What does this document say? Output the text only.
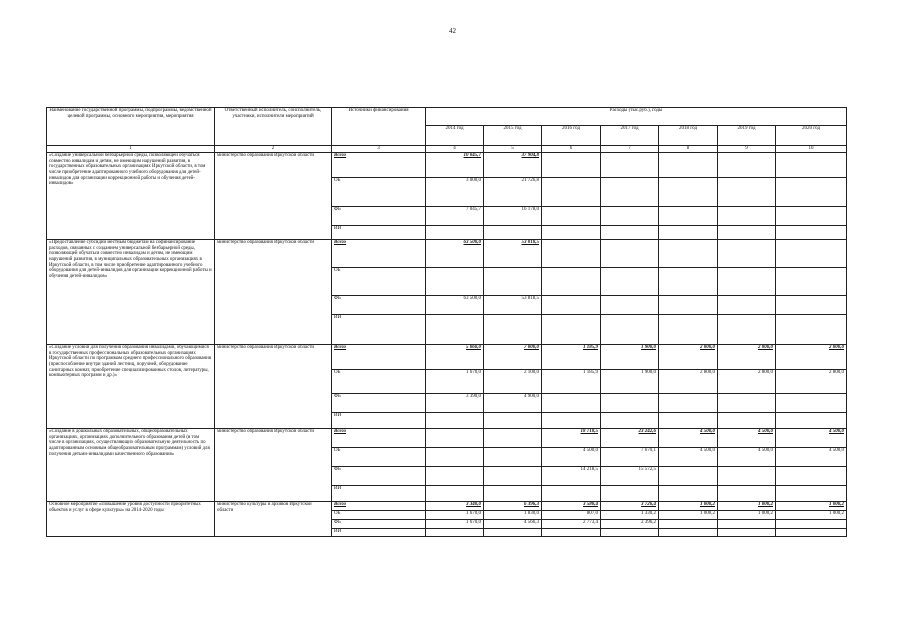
42
Наименование государственной программы, подпрограммы, ведомственной целевой программы, основного мероприятия, мероприятия	Ответственный исполнитель, соисполнитель, участники, исполнители мероприятий	Источники финансирования	Расходы (тыс.руб.), годы						
			2014 год	2015 год	2016 год	2017 год	2018 год	2019 год	2020 год
1	2	3	4	5	6	7	8	9	10
«Создание универсальной безбарьерной среды, позволяющей обучаться совместно инвалидам и детям, не имеющим нарушений развития, в государственных образовательных организациях Иркутской области, в том числе приобретение адаптированного учебного оборудования для детей-инвалидов для организации коррекционной работы и обучения детей-инвалидов»	министерство образования Иркутской области	Всего	10 045,7	37 904,8					
		ОБ	3 000,0	21 726,8					
		ФБ	7 045,7	16 178,0					
		ИИ							
«Предоставление субсидий местным бюджетам на софинансирование расходов, связанных с созданием универсальной безбарьерной среды, позволяющей обучаться совместно инвалидам и детям, не имеющим нарушений развития, в муниципальных образовательных организациях в Иркутской области, в том числе приобретение адаптированного учебного оборудования для детей-инвалидов для организации коррекционной работы и обучения детей-инвалидов»	министерство образования Иркутской области	Всего	63 500,0	53 818,5					
		ОБ							
		ФБ	63 500,0	53 818,5					
		ИИ							
«Создание условий для получения образования инвалидами, обучающимися в государственных профессиональных образовательных организациях Иркутской области по программам среднего профессионального образования (приспособление внутри зданий лестниц, поручней, оборудование санитарных комнат, приобретение специализированных столов, литературы, компьютерных программ и др.)»	министерство образования Иркутской области	Всего	5 060,0	7 000,0	1 185,9	1 900,0	2 800,0	2 800,0	2 800,0
		ОБ	1 670,0	2 100,0	1 185,9	1 900,0	2 800,0	2 800,0	2 800,0
		ФБ	3 390,0	4 900,0					
		ИИ							
«Создание в дошкольных образовательных, общеобразовательных организациях, организациях дополнительного образования детей (в том числе в организациях, осуществляющих образовательную деятельность по адаптированным основным общеобразовательным программам) условий для получения детьми-инвалидами качественного образования»	министерство образования Иркутской области	Всего			18 718,5	23 242,6	4 500,0	4 500,0	4 500,0
		ОБ			4 500,0	7 670,1	4 500,0	4 500,0	4 500,0
		ФБ			14 218,5	15 572,5			
		ИИ							
Основное мероприятие «Повышение уровня доступности приоритетных объектов и услуг в сфере культуры» на 2014-2020 годы	министерство культуры и архивов Иркутской области	Всего	3 340,0	6 396,3	3 580,4	3 726,4	1 000,2	1 000,2	1 000,2
		ОБ	1 670,0	1 830,0	807,0	1 330,2	1 000,2	1 000,2	1 000,2
		ФБ	1 670,0	4 566,3	2 773,4	2 396,2			
		ИИ							
